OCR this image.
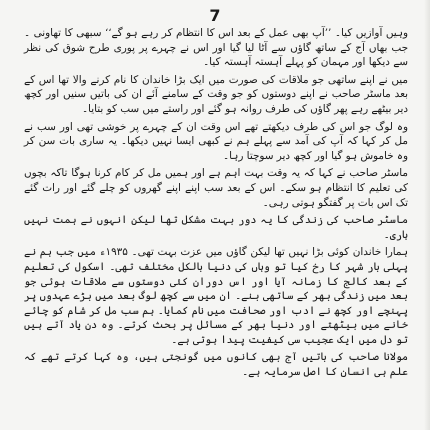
7

وہیں آوازیں کیا۔ ’’آپ بھی عمل کے بعد اس کا انتظام کر رہے ہو گے‘‘ سبھی کا تھاونی ۔ جب بھاں آج کے ساتھ گاؤں سے آٹا لیا گیا اور اس نے چہرے پر پوری طرح شوق کی نظر سے دیکھا اور مہمان کو پہلے آہستہ آہستہ کیا۔

میں نے اپنے ساتھی جو ملاقات کی صورت میں ایک بڑا خاندان کا نام کرنے والا تھا اس کے بعد ماسٹر صاحب نے اپنے دوستوں کو جو وقت کے سامنے آئے ان کی باتیں سنیں اور کچھ دیر بیٹھے رہے پھر گاؤں کی طرف روانہ ہو گئے اور راستے میں سب کو بتایا۔

وہ لوگ جو اس کی طرف دیکھتے تھے اس وقت ان کے چہرے پر خوشی تھی اور سب نے مل کر کہا کہ آپ کی آمد سے پہلے ہم نے کبھی ایسا نہیں دیکھا۔ یہ ساری بات سن کر وہ خاموش ہو گیا اور کچھ دیر سوچتا رہا۔

ماسٹر صاحب نے کہا کہ یہ وقت بہت اہم ہے اور ہمیں مل کر کام کرنا ہوگا تاکہ بچوں کی تعلیم کا انتظام ہو سکے۔ اس کے بعد سب اپنے اپنے گھروں کو چلے گئے اور رات گئے تک اس بات پر گفتگو ہوتی رہی۔

ماسٹر صاحب کی زندگی کا یہ دور بہت مشکل تھا لیکن انہوں نے ہمت نہیں ہاری۔

ہمارا خاندان کوئی بڑا نہیں تھا لیکن گاؤں میں عزت بہت تھی۔ ۱۹۳۵ء میں جب ہم نے پہلی بار شہر کا رخ کیا تو وہاں کی دنیا بالکل مختلف تھی۔ اسکول کی تعلیم کے بعد کالج کا زمانہ آیا اور اس دوران کئی دوستوں سے ملاقات ہوئی جو بعد میں زندگی بھر کے ساتھی بنے۔ ان میں سے کچھ لوگ بعد میں بڑے عہدوں پر پہنچے اور کچھ نے ادب اور صحافت میں نام کمایا۔ ہم سب مل کر شام کو چائے خانے میں بیٹھتے اور دنیا بھر کے مسائل پر بحث کرتے۔ وہ دن یاد آتے ہیں تو دل میں ایک عجیب سی کیفیت پیدا ہوتی ہے۔

مولانا صاحب کی باتیں آج بھی کانوں میں گونجتی ہیں، وہ کہا کرتے تھے کہ علم ہی انسان کا اصل سرمایہ ہے۔
